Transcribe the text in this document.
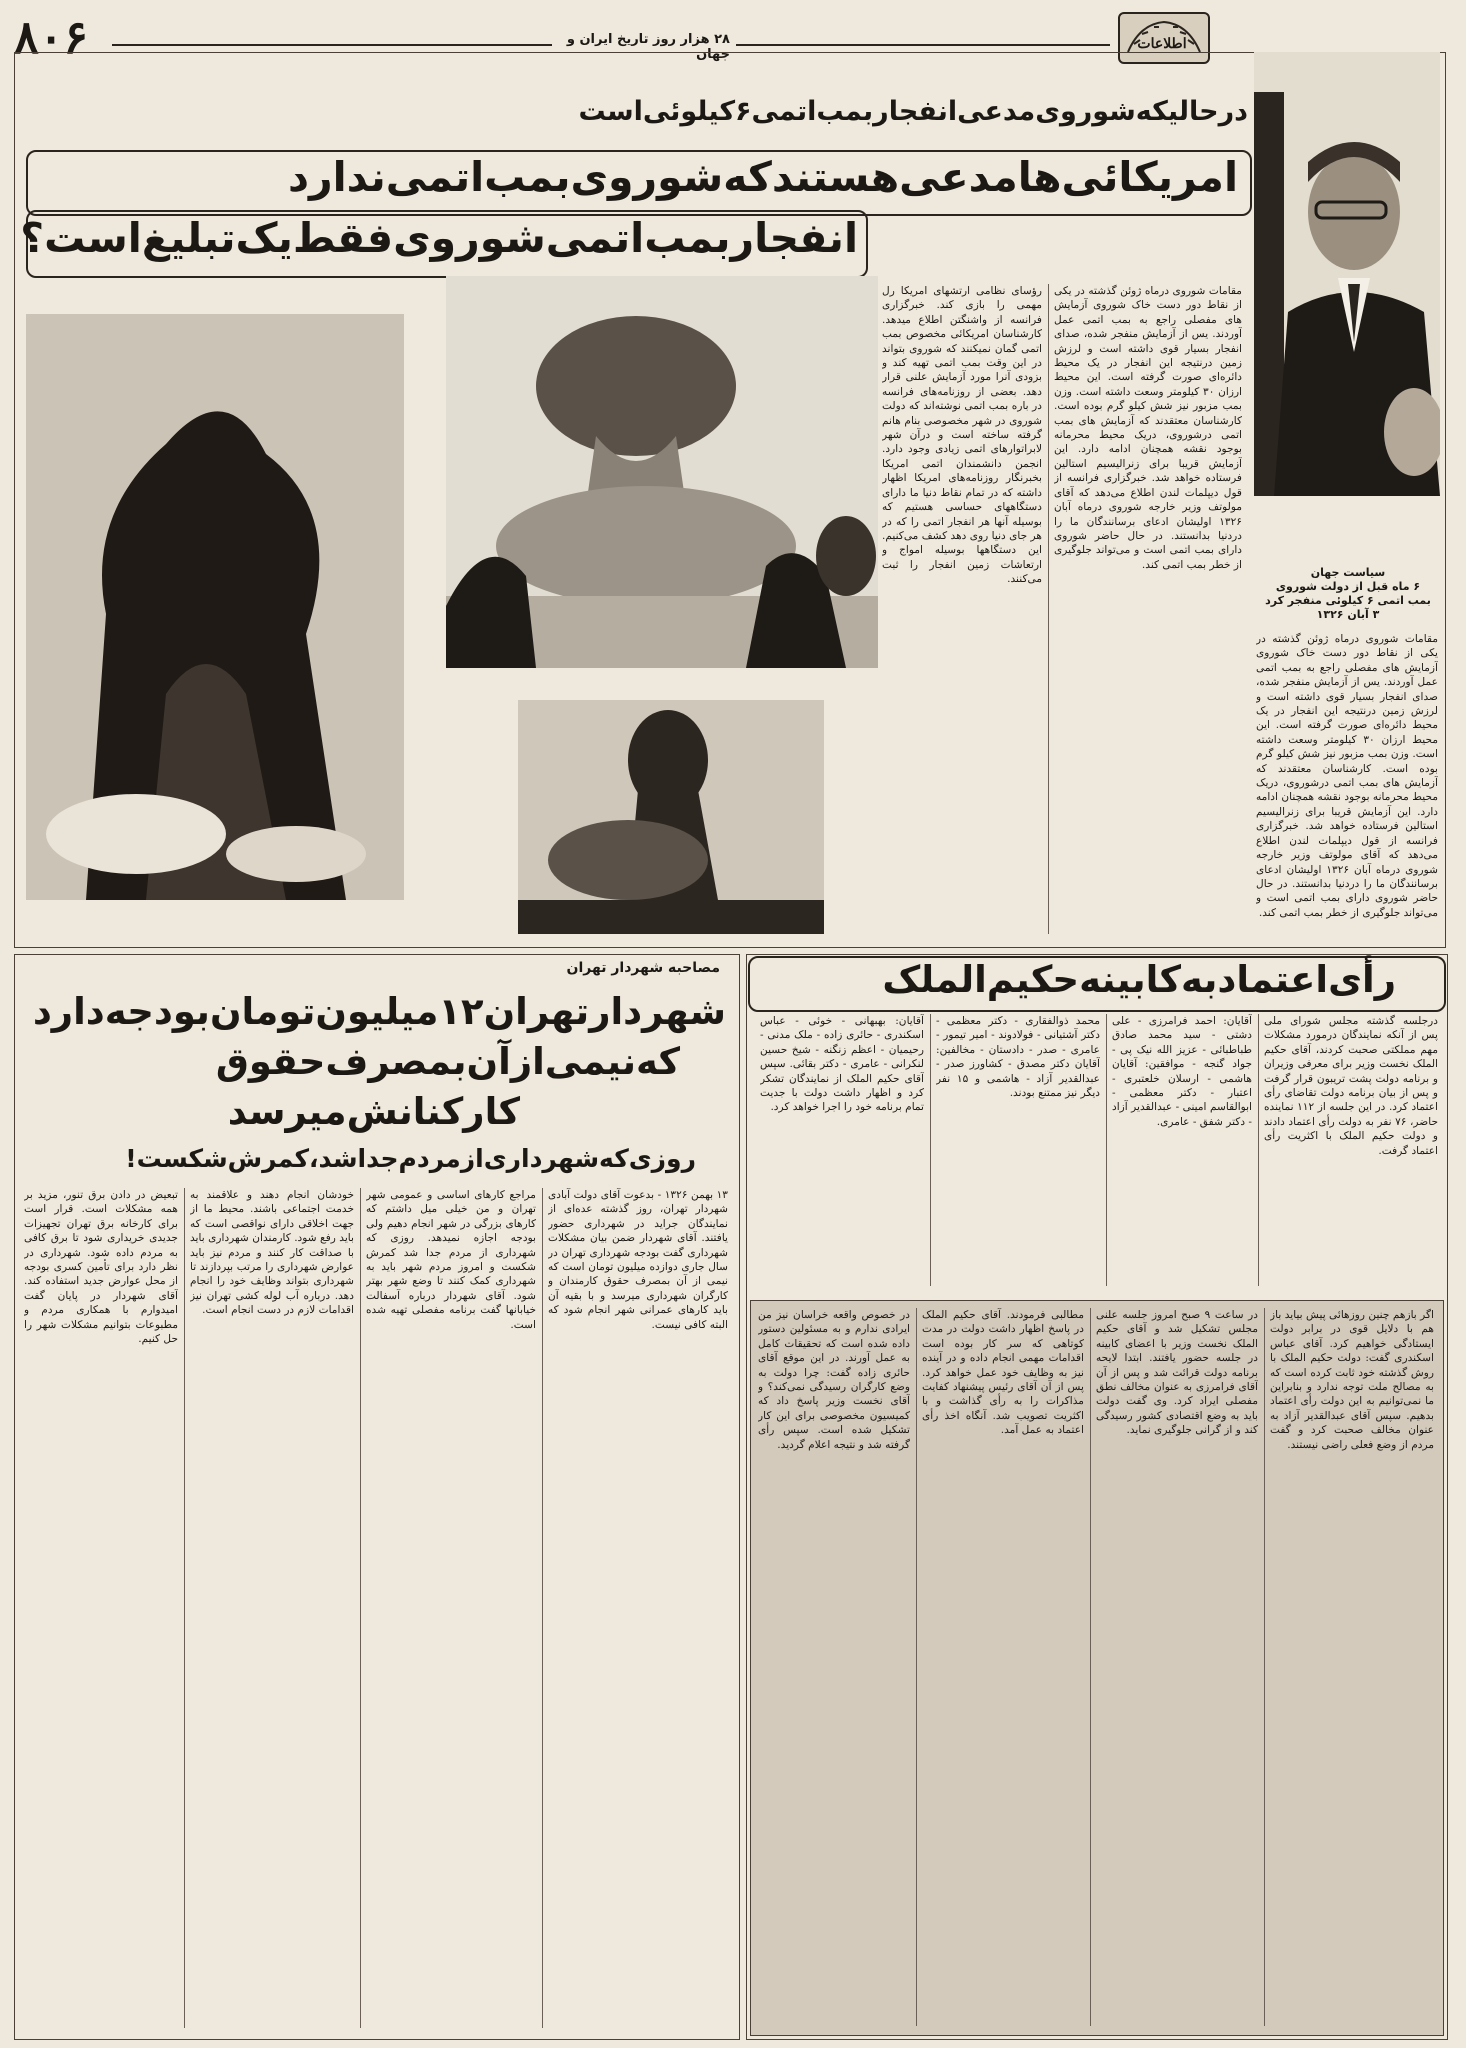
۸۰۶	۲۸ هزار روز تاریخ ایران و جهان
اطلاعات
سیاست جهان
۶ ماه قبل از دولت شوروی
بمب اتمی ۶ کیلوئی منفجر کرد
۳ آبان ۱۳۲۶
درحالیکه‌شوروی‌مدعی‌انفجاربمب‌اتمی۶کیلوئی‌است
امریکائی‌هامدعی‌هستندکه‌شوروی‌بمب‌اتمی‌ندارد
انفجاربمب‌اتمی‌شوروی‌فقط‌یک‌تبلیغ‌است؟
مقامات شوروی درماه ژوئن گذشته در یکی از نقاط دور دست خاک شوروی آزمایش های مفصلی راجع به بمب اتمی عمل آوردند. یس از آزمایش منفجر شده، صدای انفجار بسیار قوی داشته است و لرزش زمین درنتیجه این انفجار در یک محیط دائره‌ای صورت گرفته است. این محیط ارزان ۳۰ کیلومتر وسعت داشته است. وزن بمب مزبور نیز شش کیلو گرم بوده است. کارشناسان معتقدند که آزمایش های بمب اتمی درشوروی، دریک محیط محرمانه بوجود نقشه همچنان ادامه دارد. این آزمایش قریبا برای زنرالیسیم استالین فرستاده خواهد شد. خبرگزاری فرانسه از قول دیپلمات لندن اطلاع می‌دهد که آقای مولوتف وزیر خارجه شوروی درماه آبان ۱۳۲۶ اولیشان ادعای برسانندگان ما را دردنیا بدانستند. در حال حاضر شوروی دارای بمب اتمی است و می‌تواند جلوگیری از خطر بمب اتمی کند.
رؤسای نظامی ارتشهای امریکا رل مهمی را بازی کند. خبرگزاری فرانسه از واشنگتن اطلاع میدهد. کارشناسان امریکائی مخصوص بمب اتمی گمان نمیکنند که شوروی بتواند در این وقت بمب اتمی تهیه کند و بزودی آنرا مورد آزمایش علنی قرار دهد. بعضی از روزنامه‌های فرانسه در باره بمب اتمی نوشته‌اند که دولت شوروی در شهر مخصوصی بنام هانم گرفته ساخته است و درآن شهر لابراتوارهای اتمی زیادی وجود دارد. انجمن دانشمندان اتمی امریکا بخبرنگار روزنامه‌های امریکا اظهار داشته که در تمام نقاط دنیا ما دارای دستگاههای حساسی هستیم که بوسیله آنها هر انفجار اتمی را که در هر جای دنیا روی دهد کشف می‌کنیم. این دستگاهها بوسیله امواج و ارتعاشات زمین انفجار را ثبت می‌کنند.
مقامات شوروی درماه ژوئن گذشته در یکی از نقاط دور دست خاک شوروی آزمایش های مفصلی راجع به بمب اتمی عمل آوردند. یس از آزمایش منفجر شده، صدای انفجار بسیار قوی داشته است و لرزش زمین درنتیجه این انفجار در یک محیط دائره‌ای صورت گرفته است. این محیط ارزان ۳۰ کیلومتر وسعت داشته است. وزن بمب مزبور نیز شش کیلو گرم بوده است. کارشناسان معتقدند که آزمایش های بمب اتمی درشوروی، دریک محیط محرمانه بوجود نقشه همچنان ادامه دارد. این آزمایش قریبا برای زنرالیسیم استالین فرستاده خواهد شد. خبرگزاری فرانسه از قول دیپلمات لندن اطلاع می‌دهد که آقای مولوتف وزیر خارجه شوروی درماه آبان ۱۳۲۶ اولیشان ادعای برسانندگان ما را دردنیا بدانستند. در حال حاضر شوروی دارای بمب اتمی است و می‌تواند جلوگیری از خطر بمب اتمی کند.
مصاحبه شهردار تهران
شهردارتهران۱۲میلیون‌تومان‌بودجه‌دارد
که‌نیمی‌ازآن‌بمصرف‌حقوق
کارکنانش‌میرسد
روزی‌که‌شهرداری‌ازمردم‌جداشد،کمرش‌شکست!
۱۳ بهمن ۱۳۲۶ - بدعوت آقای دولت آبادی شهردار تهران، روز گذشته عده‌ای از نمایندگان جراید در شهرداری حضور یافتند. آقای شهردار ضمن بیان مشکلات شهرداری گفت بودجه شهرداری تهران در سال جاری دوازده میلیون تومان است که نیمی از آن بمصرف حقوق کارمندان و کارگران شهرداری میرسد و با بقیه آن باید کارهای عمرانی شهر انجام شود که البته کافی نیست.
مراجع کارهای اساسی و عمومی شهر تهران و من خیلی میل داشتم که کارهای بزرگی در شهر انجام دهیم ولی بودجه اجازه نمیدهد. روزی که شهرداری از مردم جدا شد کمرش شکست و امروز مردم شهر باید به شهرداری کمک کنند تا وضع شهر بهتر شود. آقای شهردار درباره آسفالت خیابانها گفت برنامه مفصلی تهیه شده است.
خودشان انجام دهند و علاقمند به خدمت اجتماعی باشند. محیط ما از جهت اخلاقی دارای نواقصی است که باید رفع شود. کارمندان شهرداری باید با صداقت کار کنند و مردم نیز باید عوارض شهرداری را مرتب بپردازند تا شهرداری بتواند وظایف خود را انجام دهد. درباره آب لوله کشی تهران نیز اقدامات لازم در دست انجام است.
تبعیض در دادن برق تنور، مزید بر همه مشکلات است. قرار است برای کارخانه برق تهران تجهیزات جدیدی خریداری شود تا برق کافی به مردم داده شود. شهرداری در نظر دارد برای تأمین کسری بودجه از محل عوارض جدید استفاده کند. آقای شهردار در پایان گفت امیدوارم با همکاری مردم و مطبوعات بتوانیم مشکلات شهر را حل کنیم.
رأی‌اعتمادبه‌کابینه‌حکیم‌الملک
درجلسه گذشته مجلس شورای ملی پس از آنکه نمایندگان درمورد مشکلات مهم مملکتی صحبت کردند، آقای حکیم الملک نخست وزیر برای معرفی وزیران و برنامه دولت پشت تریبون قرار گرفت و پس از بیان برنامه دولت تقاضای رأی اعتماد کرد. در این جلسه از ۱۱۲ نماینده حاضر، ۷۶ نفر به دولت رأی اعتماد دادند و دولت حکیم الملک با اکثریت رأی اعتماد گرفت.
آقایان: احمد فرامرزی - علی دشتی - سید محمد صادق طباطبائی - عزیز الله نیک پی - جواد گنجه - موافقین: آقایان هاشمی - ارسلان خلعتبری - اعتبار - دکتر معظمی - ابوالقاسم امینی - عبدالقدیر آزاد - دکتر شفق - عامری.
محمد ذوالفقاری - دکتر معظمی - دکتر آشتیانی - فولادوند - امیر تیمور - عامری - صدر - دادستان - مخالفین: آقایان دکتر مصدق - کشاورز صدر - عبدالقدیر آزاد - هاشمی و ۱۵ نفر دیگر نیز ممتنع بودند.
آقایان: بهبهانی - خوئی - عباس اسکندری - حائری زاده - ملک مدنی - رحیمیان - اعظم زنگنه - شیخ حسین لنکرانی - عامری - دکتر بقائی. سپس آقای حکیم الملک از نمایندگان تشکر کرد و اظهار داشت دولت با جدیت تمام برنامه خود را اجرا خواهد کرد.
اگر بازهم چنین روزهائی پیش بیاید باز هم با دلایل قوی در برابر دولت ایستادگی خواهیم کرد. آقای عباس اسکندری گفت: دولت حکیم الملک با روش گذشته خود ثابت کرده است که به مصالح ملت توجه ندارد و بنابراین ما نمی‌توانیم به این دولت رأی اعتماد بدهیم. سپس آقای عبدالقدیر آزاد به عنوان مخالف صحبت کرد و گفت مردم از وضع فعلی راضی نیستند.
در ساعت ۹ صبح امروز جلسه علنی مجلس تشکیل شد و آقای حکیم الملک نخست وزیر با اعضای کابینه در جلسه حضور یافتند. ابتدا لایحه برنامه دولت قرائت شد و پس از آن آقای فرامرزی به عنوان مخالف نطق مفصلی ایراد کرد. وی گفت دولت باید به وضع اقتصادی کشور رسیدگی کند و از گرانی جلوگیری نماید.
مطالبی فرمودند. آقای حکیم الملک در پاسخ اظهار داشت دولت در مدت کوتاهی که سر کار بوده است اقدامات مهمی انجام داده و در آینده نیز به وظایف خود عمل خواهد کرد. پس از آن آقای رئیس پیشنهاد کفایت مذاکرات را به رأی گذاشت و با اکثریت تصویب شد. آنگاه اخذ رأی اعتماد به عمل آمد.
در خصوص واقعه خراسان نیز من ایرادی ندارم و به مسئولین دستور داده شده است که تحقیقات کامل به عمل آورند. در این موقع آقای حائری زاده گفت: چرا دولت به وضع کارگران رسیدگی نمی‌کند؟ و آقای نخست وزیر پاسخ داد که کمیسیون مخصوصی برای این کار تشکیل شده است. سپس رأی گرفته شد و نتیجه اعلام گردید.
